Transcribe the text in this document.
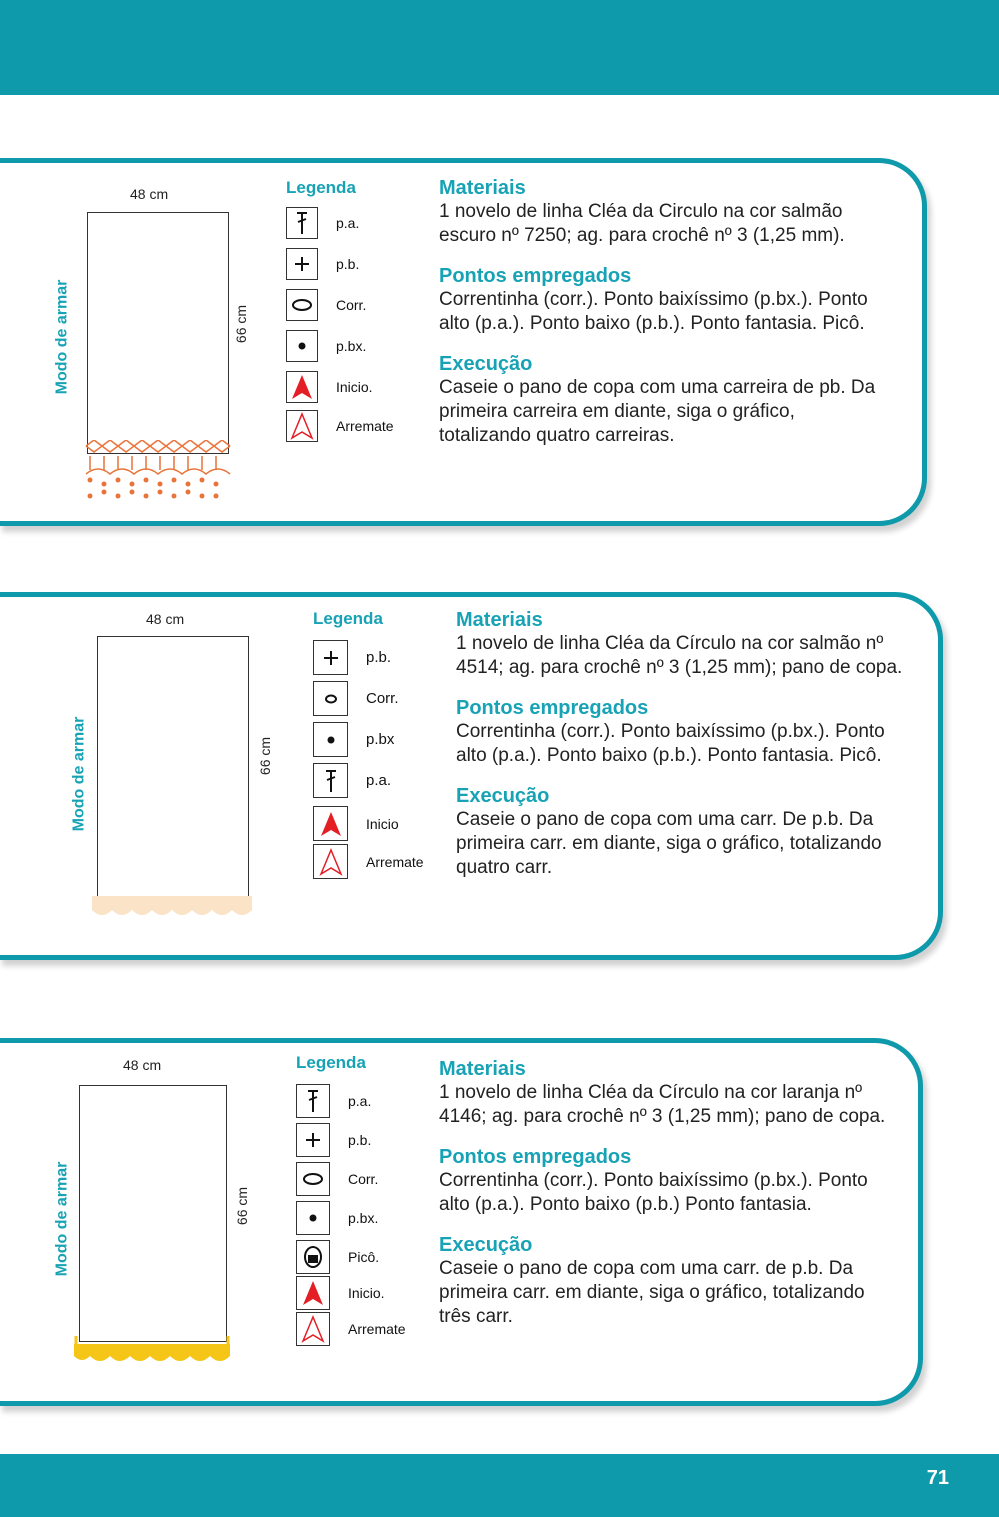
48 cm
Modo de armar	66 cm
Legenda
p.a.
p.b.
Corr.
p.bx.
Inicio.
Arremate
Materiais
1 novelo de linha Cléa da Circulo na cor salmão escuro nº 7250; ag. para crochê nº 3 (1,25 mm).
Pontos empregados
Correntinha (corr.). Ponto baixíssimo (p.bx.). Ponto alto (p.a.). Ponto baixo (p.b.). Ponto fantasia. Picô.
Execução
Caseie o pano de copa com uma carreira de pb. Da primeira carreira em diante, siga o gráfico, totalizando quatro carreiras.
48 cm
Modo de armar	66 cm
Legenda
p.b.
Corr.
p.bx
p.a.
Inicio
Arremate
Materiais
1 novelo de linha Cléa da Círculo na cor salmão nº 4514; ag. para crochê nº 3 (1,25 mm); pano de copa.
Pontos empregados
Correntinha (corr.). Ponto baixíssimo (p.bx.). Ponto alto (p.a.). Ponto baixo (p.b.). Ponto fantasia. Picô.
Execução
Caseie o pano de copa com uma carr. De p.b. Da primeira carr. em diante, siga o gráfico, totalizando quatro carr.
48 cm
Modo de armar	66 cm
Legenda
p.a.
p.b.
Corr.
p.bx.
Picô.
Inicio.
Arremate
Materiais
1 novelo de linha Cléa da Círculo na cor laranja nº 4146; ag. para crochê nº 3 (1,25 mm); pano de copa.
Pontos empregados
Correntinha (corr.). Ponto baixíssimo (p.bx.). Ponto alto (p.a.). Ponto baixo (p.b.) Ponto fantasia.
Execução
Caseie o pano de copa com uma carr. de p.b. Da primeira carr. em diante, siga o gráfico, totalizando três carr.
71
